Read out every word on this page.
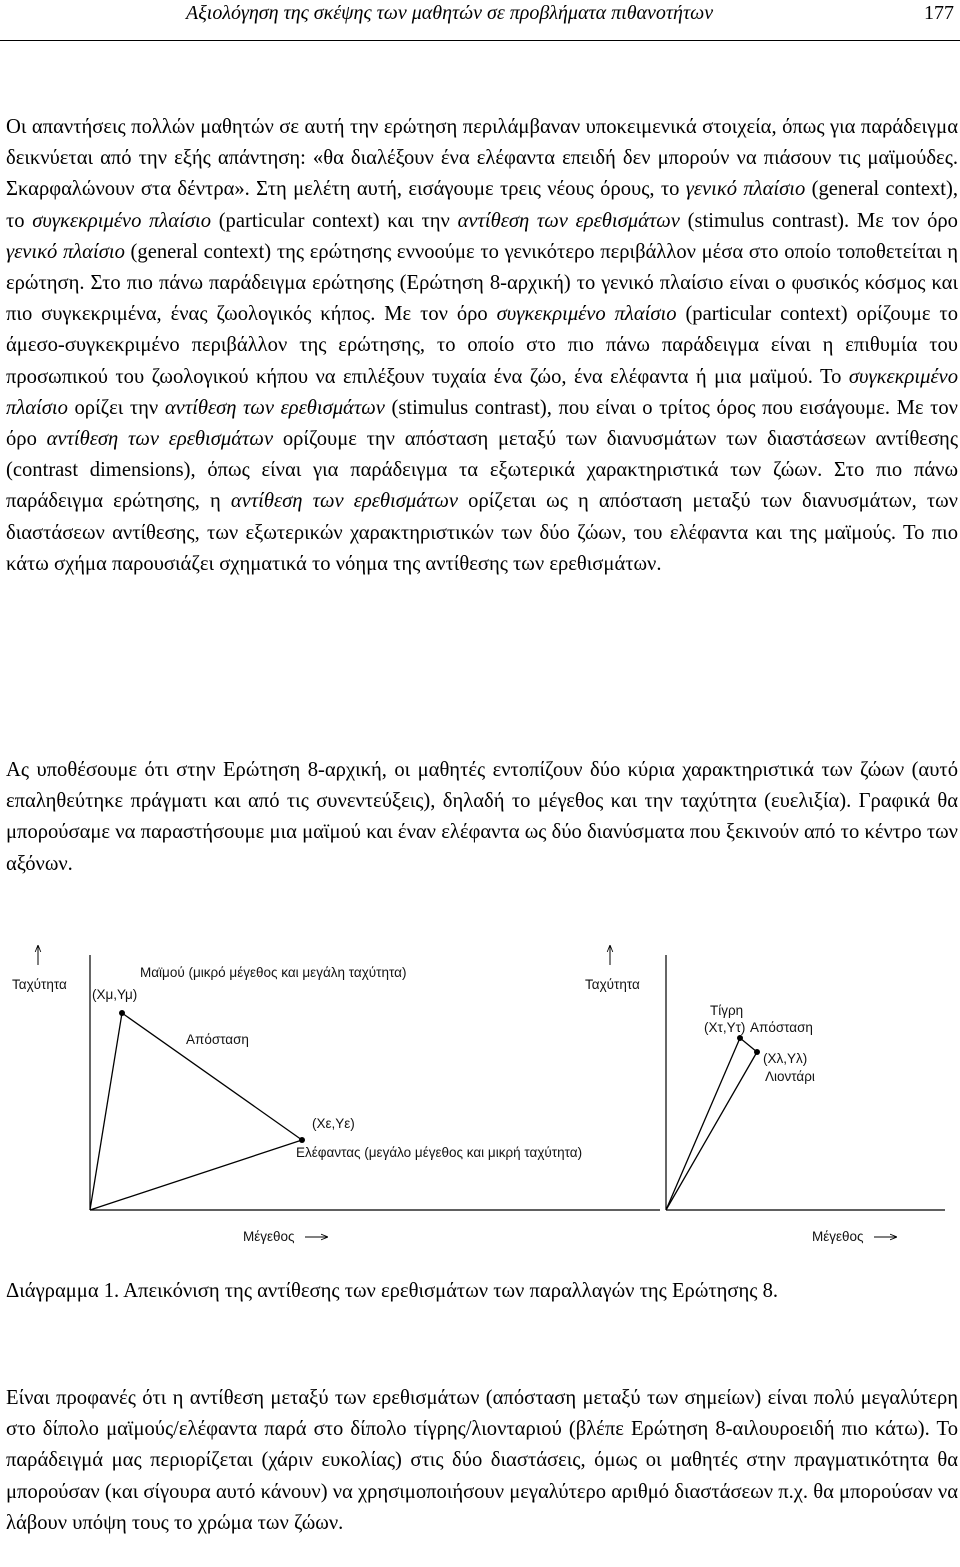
Αξιολόγηση της σκέψης των μαθητών σε προβλήματα πιθανοτήτων	177

Οι απαντήσεις πολλών μαθητών σε αυτή την ερώτηση περιλάμβαναν υποκειμενικά στοιχεία, όπως για παράδειγμα δεικνύεται από την εξής απάντηση: «θα διαλέξουν ένα ελέφαντα επειδή δεν μπορούν να πιάσουν τις μαϊμούδες. Σκαρφαλώνουν στα δέντρα». Στη μελέτη αυτή, εισάγουμε τρεις νέους όρους, το γενικό πλαίσιο (general context), το συγκεκριμένο πλαίσιο (particular context) και την αντίθεση των ερεθισμάτων (stimulus contrast). Με τον όρο γενικό πλαίσιο (general context) της ερώτησης εννοούμε το γενικότερο περιβάλλον μέσα στο οποίο τοποθετείται η ερώτηση. Στο πιο πάνω παράδειγμα ερώτησης (Ερώτηση 8-αρχική) το γενικό πλαίσιο είναι ο φυσικός κόσμος και πιο συγκεκριμένα, ένας ζωολογικός κήπος. Με τον όρο συγκεκριμένο πλαίσιο (particular context) ορίζουμε το άμεσο-συγκεκριμένο περιβάλλον της ερώτησης, το οποίο στο πιο πάνω παράδειγμα είναι η επιθυμία του προσωπικού του ζωολογικού κήπου να επιλέξουν τυχαία ένα ζώο, ένα ελέφαντα ή μια μαϊμού. Το συγκεκριμένο πλαίσιο ορίζει την αντίθεση των ερεθισμάτων (stimulus contrast), που είναι ο τρίτος όρος που εισάγουμε. Με τον όρο αντίθεση των ερεθισμάτων ορίζουμε την απόσταση μεταξύ των διανυσμάτων των διαστάσεων αντίθεσης (contrast dimensions), όπως είναι για παράδειγμα τα εξωτερικά χαρακτηριστικά των ζώων. Στο πιο πάνω παράδειγμα ερώτησης, η αντίθεση των ερεθισμάτων ορίζεται ως η απόσταση μεταξύ των διανυσμάτων, των διαστάσεων αντίθεσης, των εξωτερικών χαρακτηριστικών των δύο ζώων, του ελέφαντα και της μαϊμούς. Το πιο κάτω σχήμα παρουσιάζει σχηματικά το νόημα της αντίθεσης των ερεθισμάτων.

Ας υποθέσουμε ότι στην Ερώτηση 8-αρχική, οι μαθητές εντοπίζουν δύο κύρια χαρακτηριστικά των ζώων (αυτό επαληθεύτηκε πράγματι και από τις συνεντεύξεις), δηλαδή το μέγεθος και την ταχύτητα (ευελιξία). Γραφικά θα μπορούσαμε να παραστήσουμε μια μαϊμού και έναν ελέφαντα ως δύο διανύσματα που ξεκινούν από το κέντρο των αξόνων.

Ταχύτητα
Μαϊμού (μικρό μέγεθος και μεγάλη ταχύτητα)
(Χμ,Υμ)
Απόσταση
(Χε,Υε)
Ελέφαντας (μεγάλο μέγεθος και μικρή ταχύτητα)
Μέγεθος
Ταχύτητα
Τίγρη
(Χτ,Υτ) Απόσταση
(Χλ,Υλ)
Λιοντάρι
Μέγεθος

Διάγραμμα 1. Απεικόνιση της αντίθεσης των ερεθισμάτων των παραλλαγών της Ερώτησης 8.

Είναι προφανές ότι η αντίθεση μεταξύ των ερεθισμάτων (απόσταση μεταξύ των σημείων) είναι πολύ μεγαλύτερη στο δίπολο μαϊμούς/ελέφαντα παρά στο δίπολο τίγρης/λιονταριού (βλέπε Ερώτηση 8-αιλουροειδή πιο κάτω). Το παράδειγμά μας περιορίζεται (χάριν ευκολίας) στις δύο διαστάσεις, όμως οι μαθητές στην πραγματικότητα θα μπορούσαν (και σίγουρα αυτό κάνουν) να χρησιμοποιήσουν μεγαλύτερο αριθμό διαστάσεων π.χ. θα μπορούσαν να λάβουν υπόψη τους το χρώμα των ζώων.
